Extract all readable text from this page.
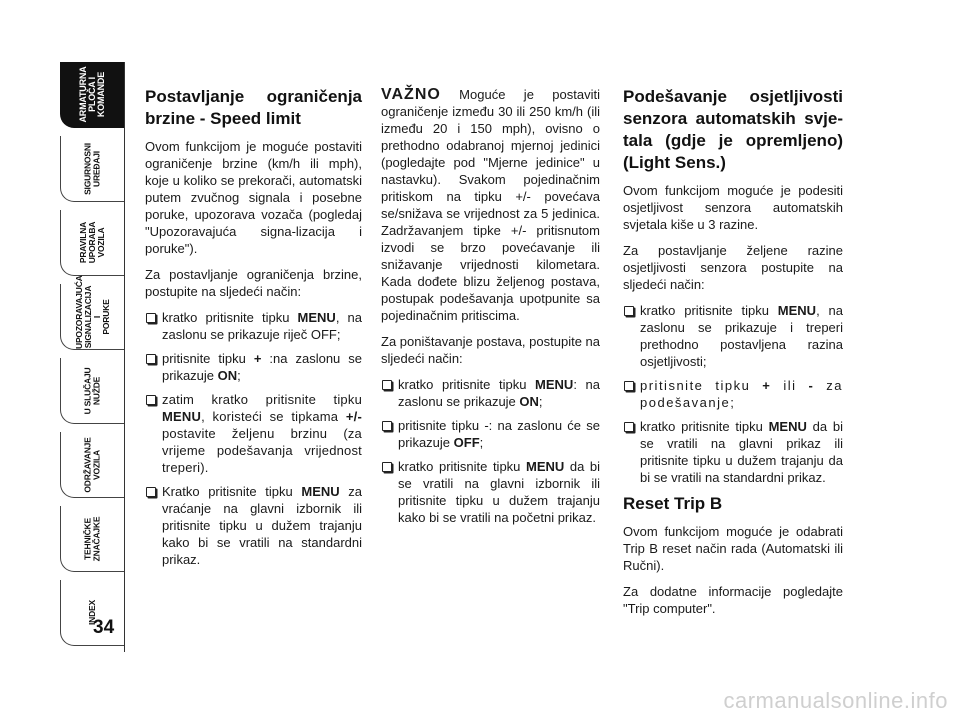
ARMATURNA
PLOČA I
KOMANDE
SIGURNOSNI
UREĐAJI
PRAVILNA
UPORABA
VOZILA
UPOZORAVAJUĆA
SIGNALIZACIJA I
PORUKE
U SLUČAJU
NUŽDE
ODRŽAVANJE
VOZILA
TEHNIČKE
ZNAČAJKE
INDEX
34
Postavljanje ograničenja brzine - Speed limit

Ovom funkcijom je moguće postaviti ograničenje brzine (km/h ili mph), koje u koliko se prekorači, automatski putem zvučnog signala i posebne poruke, upozorava vozača (pogledaj "Upozoravajuća signa-lizacija i poruke").

Za postavljanje ograničenja brzine, postupite na sljedeći način:

kratko pritisnite tipku MENU, na zaslonu se prikazuje riječ OFF;
pritisnite tipku + :na zaslonu se prikazuje ON;
zatim kratko pritisnite tipku MENU, koristeći se tipkama +/- postavite željenu brzinu (za vrijeme podešavanja vrijednost treperi).
Kratko pritisnite tipku MENU za vraćanje na glavni izbornik ili pritisnite tipku u dužem trajanju kako bi se vratili na standardni prikaz.
VAŽNO Moguće je postaviti ograničenje između 30 ili 250 km/h (ili između 20 i 150 mph), ovisno o prethodno odabranoj mjernoj jedinici (pogledajte pod "Mjerne jedinice" u nastavku). Svakom pojedinačnim pritiskom na tipku +/- povećava se/snižava se vrijednost za 5 jedinica. Zadržavanjem tipke +/- pritisnutom izvodi se brzo povećavanje ili snižavanje vrijednosti kilometara. Kada dođete blizu željenog postava, postupak podešavanja upotpunite sa pojedinačnim pritiscima.

Za poništavanje postava, postupite na sljedeći način:

kratko pritisnite tipku MENU: na zaslonu se prikazuje ON;
pritisnite tipku -: na zaslonu će se prikazuje OFF;
kratko pritisnite tipku MENU da bi se vratili na glavni izbornik ili pritisnite tipku u dužem trajanju kako bi se vratili na početni prikaz.
Podešavanje osjetljivosti senzora automatskih svje-tala (gdje je opremljeno) (Light Sens.)

Ovom funkcijom moguće je podesiti osjetljivost senzora automatskih svjetala kiše u 3 razine.

Za postavljanje željene razine osjetljivosti senzora postupite na sljedeći način:

kratko pritisnite tipku MENU, na zaslonu se prikazuje i treperi prethodno postavljena razina osjetljivosti;
pritisnite tipku + ili - za podešavanje;
kratko pritisnite tipku MENU da bi se vratili na glavni prikaz ili pritisnite tipku u dužem trajanju da bi se vratili na standardni prikaz.
Reset Trip B

Ovom funkcijom moguće je odabrati Trip B reset način rada (Automatski ili Ručni).

Za dodatne informacije pogledajte "Trip computer".

carmanualsonline.info
